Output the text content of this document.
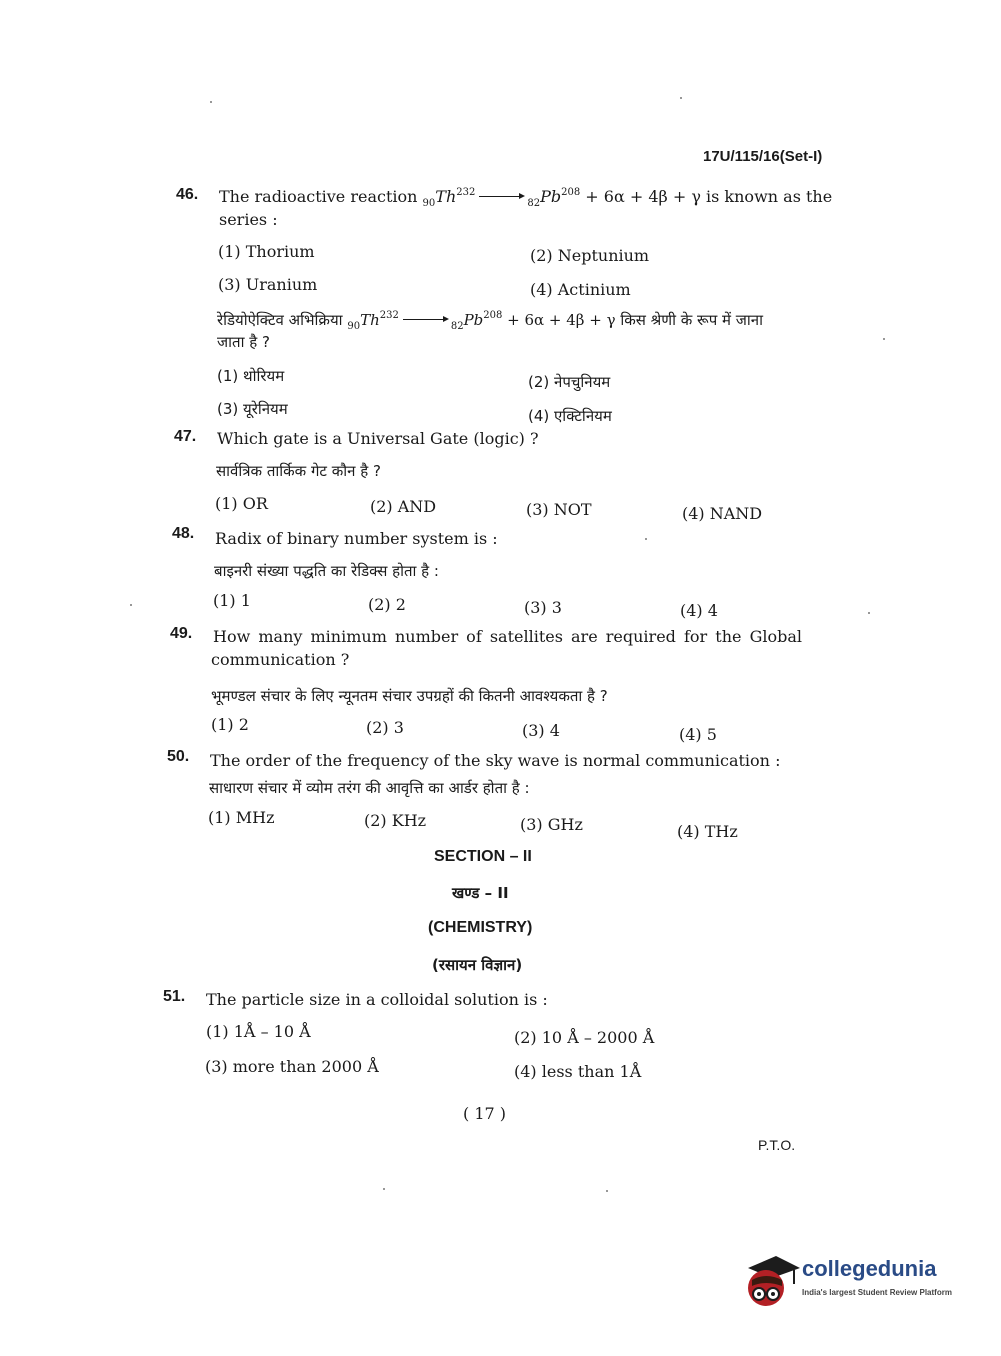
17U/115/16(Set-I)
46. The radioactive reaction $_{90}Th^{232}_{82}Pb^{208} + 6\alpha + 4\beta + \gamma$ is known as the
series :
(1) Thorium	(2) Neptunium
(3) Uranium	(4) Actinium
रेडियोऐक्टिव अभिक्रिया $_{90}Th^{232}_{82}Pb^{208} + 6\alpha + 4\beta + \gamma$ किस श्रेणी के रूप में जाना
जाता है ?
(1) थोरियम	(2) नेपचुनियम
(3) यूरेनियम	(4) एक्टिनियम
47. Which gate is a Universal Gate (logic) ?
सार्वत्रिक तार्किक गेट कौन है ?
(1) OR	(2) AND	(3) NOT	(4) NAND
48. Radix of binary number system is :
बाइनरी संख्या पद्धति का रेडिक्स होता है :
(1) 1	(2) 2	(3) 3	(4) 4
49. How many minimum number of satellites are required for the Global
communication ?
भूमण्डल संचार के लिए न्यूनतम संचार उपग्रहों की कितनी आवश्यकता है ?
(1) 2	(2) 3	(3) 4	(4) 5
50. The order of the frequency of the sky wave is normal communication :
साधारण संचार में व्योम तरंग की आवृत्ति का आर्डर होता है :
(1) MHz	(2) KHz	(3) GHz	(4) THz
SECTION – II
खण्ड – II
(CHEMISTRY)
(रसायन विज्ञान)
51. The particle size in a colloidal solution is :
(1) 1Å – 10 Å	(2) 10 Å – 2000 Å
(3) more than 2000 Å	(4) less than 1Å
( 17 )
P.T.O.
collegedunia
India's largest Student Review Platform
